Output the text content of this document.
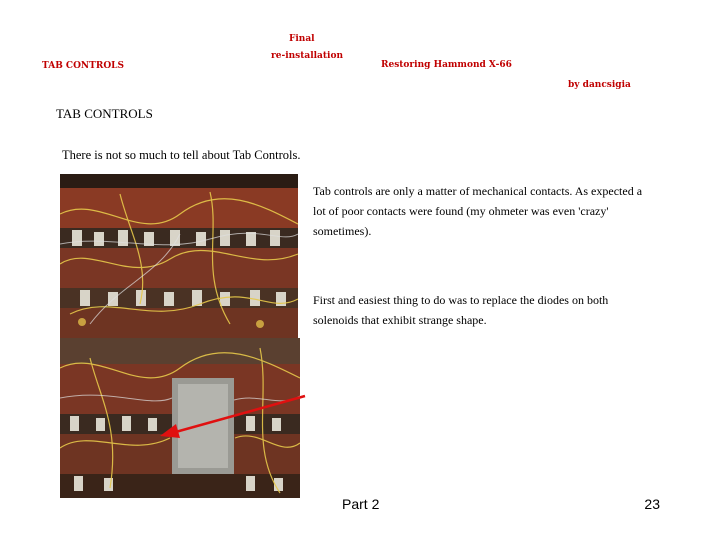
TAB CONTROLS
Final
re-installation
Restoring Hammond X-66
by dancsigia
TAB CONTROLS
There is not so much to tell about Tab Controls.
Tab controls are only a matter of mechanical contacts. As expected a lot of poor contacts were found (my ohmeter was even 'crazy' sometimes).
First and easiest thing to do was to replace the diodes on both solenoids that exhibit strange shape.
Part 2	23
